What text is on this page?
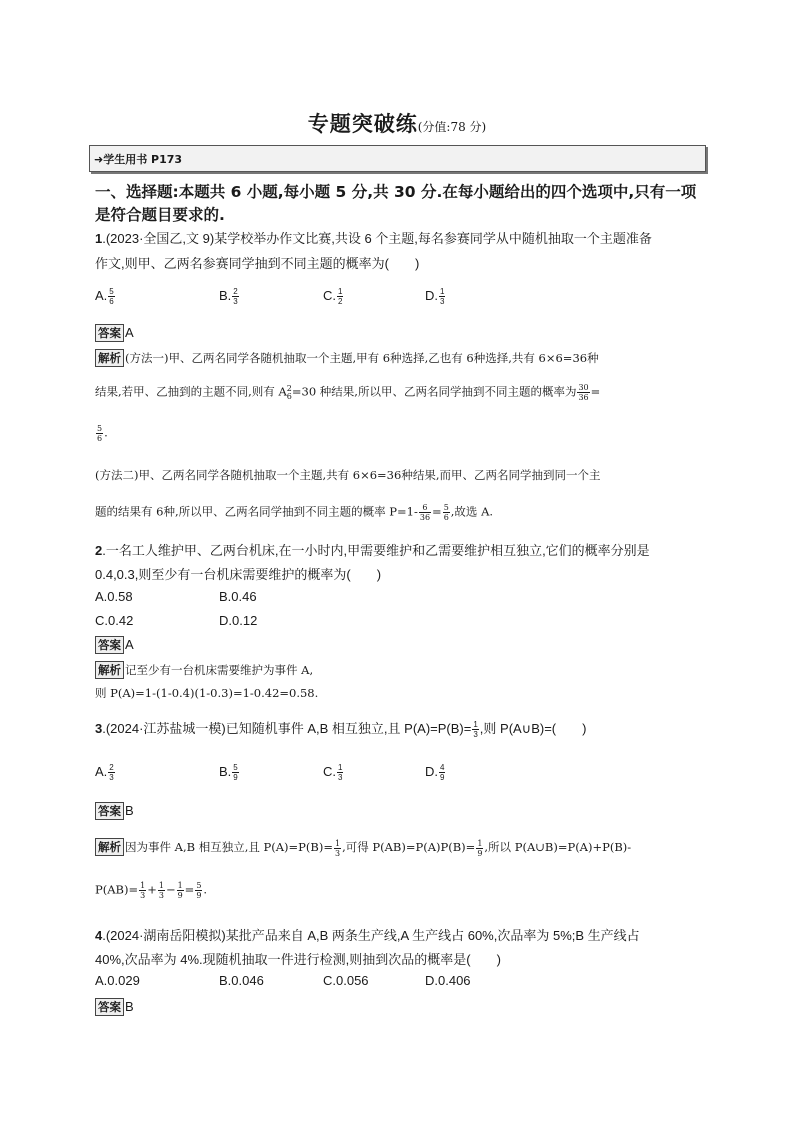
专题突破练(分值:78 分)
➜学生用书 P173
一、选择题:本题共 6 小题,每小题 5 分,共 30 分.在每小题给出的四个选项中,只有一项
是符合题目要求的.
1.(2023·全国乙,文 9)某学校举办作文比赛,共设 6 个主题,每名参赛同学从中随机抽取一个主题准备
作文,则甲、乙两名参赛同学抽到不同主题的概率为(　　)
A. $\frac{5}{6}$	B. $\frac{2}{3}$	C. $\frac{1}{2}$	D. $\frac{1}{3}$
答案 A
解析 (方法一)甲、乙两名同学各随机抽取一个主题,甲有 6种选择,乙也有 6种选择,共有 6×6=36种
结果,若甲、乙抽到的主题不同,则有 A 2
6 =30 种结果,所以甲、乙两名同学抽到不同主题的概率为 $\frac{30}{36}$ =
$\frac{5}{6}$ .
(方法二)甲、乙两名同学各随机抽取一个主题,共有 6×6=36种结果,而甲、乙两名同学抽到同一个主
题的结果有 6种,所以甲、乙两名同学抽到不同主题的概率 $P=1- \frac{6}{36} = \frac{5}{6}$ ,故选 A.
2.一名工人维护甲、乙两台机床,在一小时内,甲需要维护和乙需要维护相互独立,它们的概率分别是
0.4,0.3,则至少有一台机床需要维护的概率为(　　)
A.0.58	B.0.46
C.0.42	D.0.12
答案 A
解析 记至少有一台机床需要维护为事件 A,
则 P(A)=1-(1-0.4)(1-0.3)=1-0.42=0.58.
3.(2024·江苏盐城一模)已知随机事件 A,B 相互独立,且 $P(A)=P(B)= \frac{1}{3}$ ,则 P(A∪B)=(　　)
A. $\frac{2}{3}$	B. $\frac{5}{9}$	C. $\frac{1}{3}$	D. $\frac{4}{9}$
答案 B
解析 因为事件 A,B 相互独立,且 $P(A)=P(B)= \frac{1}{3}$ ,可得 $P(AB)=P(A)P(B)= \frac{1}{9}$ ,所以 P(A∪B)=P(A)+P(B)-
$P(AB)= \frac{1}{3} + \frac{1}{3} - \frac{1}{9} = \frac{5}{9}$ .
4.(2024·湖南岳阳模拟)某批产品来自 A,B 两条生产线,A 生产线占 60%,次品率为 5%;B 生产线占
40%,次品率为 4%.现随机抽取一件进行检测,则抽到次品的概率是(　　)
A.0.029	B.0.046	C.0.056	D.0.406
答案 B
